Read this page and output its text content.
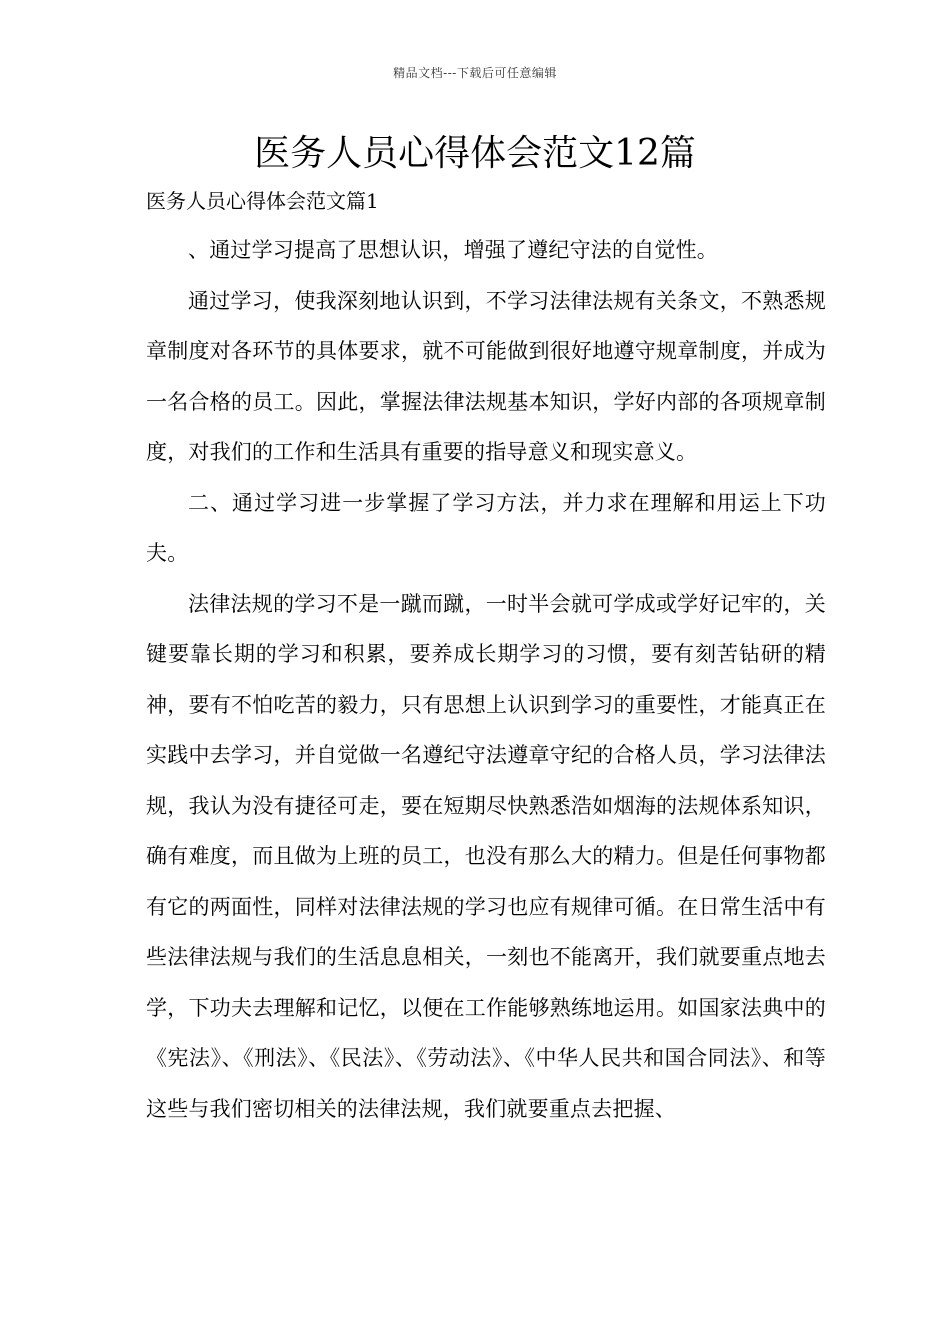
精品文档---下载后可任意编辑
医务人员心得体会范文12篇
医务人员心得体会范文篇1

、通过学习提高了思想认识，增强了遵纪守法的自觉性。

通过学习，使我深刻地认识到，不学习法律法规有关条文，不熟悉规章制度对各环节的具体要求，就不可能做到很好地遵守规章制度，并成为一名合格的员工。因此，掌握法律法规基本知识，学好内部的各项规章制度，对我们的工作和生活具有重要的指导意义和现实意义。

二、通过学习进一步掌握了学习方法，并力求在理解和用运上下功夫。

法律法规的学习不是一蹴而蹴，一时半会就可学成或学好记牢的，关键要靠长期的学习和积累，要养成长期学习的习惯，要有刻苦钻研的精神，要有不怕吃苦的毅力，只有思想上认识到学习的重要性，才能真正在实践中去学习，并自觉做一名遵纪守法遵章守纪的合格人员，学习法律法规，我认为没有捷径可走，要在短期尽快熟悉浩如烟海的法规体系知识，确有难度，而且做为上班的员工，也没有那么大的精力。但是任何事物都有它的两面性，同样对法律法规的学习也应有规律可循。在日常生活中有些法律法规与我们的生活息息相关，一刻也不能离开，我们就要重点地去学，下功夫去理解和记忆，以便在工作能够熟练地运用。如国家法典中的《宪法》、《刑法》、《民法》、《劳动法》、《中华人民共和国合同法》、和等这些与我们密切相关的法律法规，我们就要重点去把握、
